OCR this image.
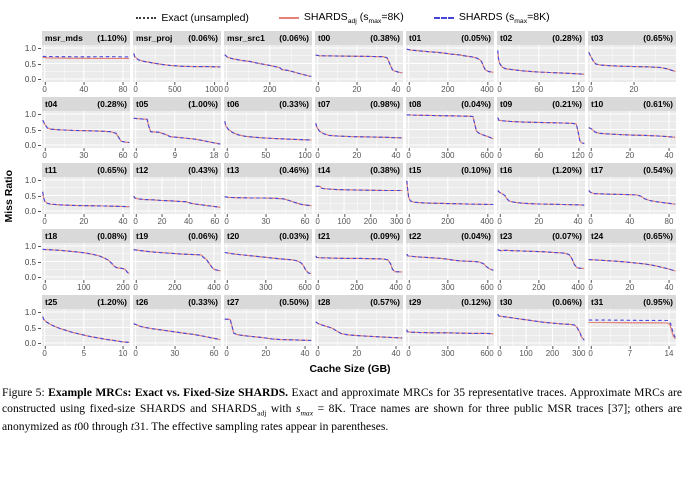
Exact (unsampled)	$SHARDS_{adj}$ $(s_{max}=8K)$	SHARDS $(s_{max}=8K)$
Miss Ratio
1.0
0.5
0.0
msr_mds (1.10%)
0	40	80
msr_proj (0.06%)
0	500	1000
msr_src1 (0.06%)
0	200
t00	(0.38%)
0	20	40
t01	(0.05%)
0	200	400
t02	(0.28%)
0	60	120
t03	(0.65%)
0	20
1.0
0.5
0.0
t04	(0.28%)
0	30	60
t05	(1.00%)
0	9	18
t06	(0.33%)
0	50	100
t07	(0.98%)
0	20	40
t08	(0.04%)
0	300	600
t09	(0.21%)
0	60	120
t10	(0.61%)
0	20	40
1.0
0.5
0.0
t11	(0.65%)
0	20	40
t12	(0.43%)
0 20 40 60
t13	(0.46%)
0	30	60
t14	(0.38%)
0 100 200 300
t15	(0.10%)
0	200	400
t16	(1.20%)
0	20	40
t17	(0.54%)
0	40	80
1.0
0.5
0.0
t18	(0.08%)
0	100	200
t19	(0.06%)
0	200	400
t20	(0.03%)
0	300	600
t21	(0.09%)
0	200	400
t22	(0.04%)
0	300	600
t23	(0.07%)
0	200	400
t24	(0.65%)
0	20	40
1.0
0.5
0.0
t25	(1.20%)
0	5	10
t26	(0.33%)
0	30	60
t27	(0.50%)
0	20	40
t28	(0.57%)
0	20	40
t29	(0.12%)
0	300	600
t30	(0.06%)
0 100 200 300
t31	(0.95%)
0	7	14
Cache Size (GB)
Figure 5: Example MRCs: Exact vs. Fixed-Size SHARDS. Exact and approximate MRCs for 35 representative traces. Approximate MRCs are constructed using fixed-size SHARDS and $SHARDS_{adj}$ with $s_{max} = 8K$. Trace names are shown for three public MSR traces [37]; others are anonymized as t00 through t31. The effective sampling rates appear in parentheses.
